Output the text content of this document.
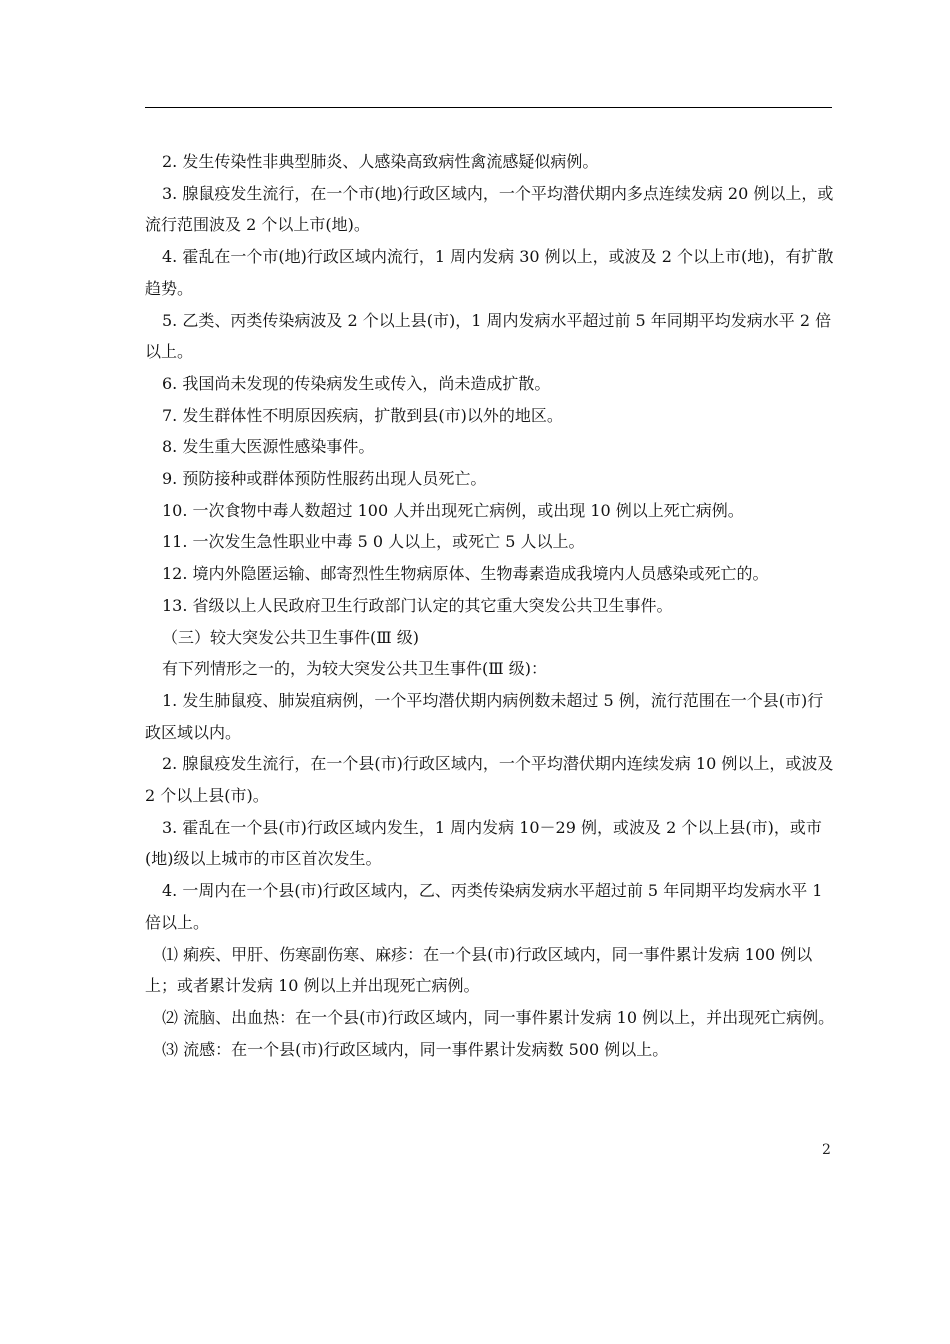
2. 发生传染性非典型肺炎、人感染高致病性禽流感疑似病例。

3. 腺鼠疫发生流行，在一个市(地)行政区域内，一个平均潜伏期内多点连续发病 20 例以上，或流行范围波及 2 个以上市(地)。

4. 霍乱在一个市(地)行政区域内流行，1 周内发病 30 例以上，或波及 2 个以上市(地)，有扩散趋势。

5. 乙类、丙类传染病波及 2 个以上县(市)，1 周内发病水平超过前 5 年同期平均发病水平 2 倍以上。

6. 我国尚未发现的传染病发生或传入，尚未造成扩散。

7. 发生群体性不明原因疾病，扩散到县(市)以外的地区。

8. 发生重大医源性感染事件。

9. 预防接种或群体预防性服药出现人员死亡。

10. 一次食物中毒人数超过 100 人并出现死亡病例，或出现 10 例以上死亡病例。

11. 一次发生急性职业中毒 5 0 人以上，或死亡 5 人以上。

12. 境内外隐匿运输、邮寄烈性生物病原体、生物毒素造成我境内人员感染或死亡的。

13. 省级以上人民政府卫生行政部门认定的其它重大突发公共卫生事件。

（三）较大突发公共卫生事件(Ⅲ 级)

有下列情形之一的，为较大突发公共卫生事件(Ⅲ 级)：

1. 发生肺鼠疫、肺炭疽病例，一个平均潜伏期内病例数未超过 5 例，流行范围在一个县(市)行政区域以内。

2. 腺鼠疫发生流行，在一个县(市)行政区域内，一个平均潜伏期内连续发病 10 例以上，或波及 2 个以上县(市)。

3. 霍乱在一个县(市)行政区域内发生，1 周内发病 10－29 例，或波及 2 个以上县(市)，或市(地)级以上城市的市区首次发生。

4. 一周内在一个县(市)行政区域内，乙、丙类传染病发病水平超过前 5 年同期平均发病水平 1 倍以上。

⑴ 痢疾、甲肝、伤寒副伤寒、麻疹：在一个县(市)行政区域内，同一事件累计发病 100 例以上；或者累计发病 10 例以上并出现死亡病例。

⑵ 流脑、出血热：在一个县(市)行政区域内，同一事件累计发病 10 例以上，并出现死亡病例。

⑶ 流感：在一个县(市)行政区域内，同一事件累计发病数 500 例以上。

2
